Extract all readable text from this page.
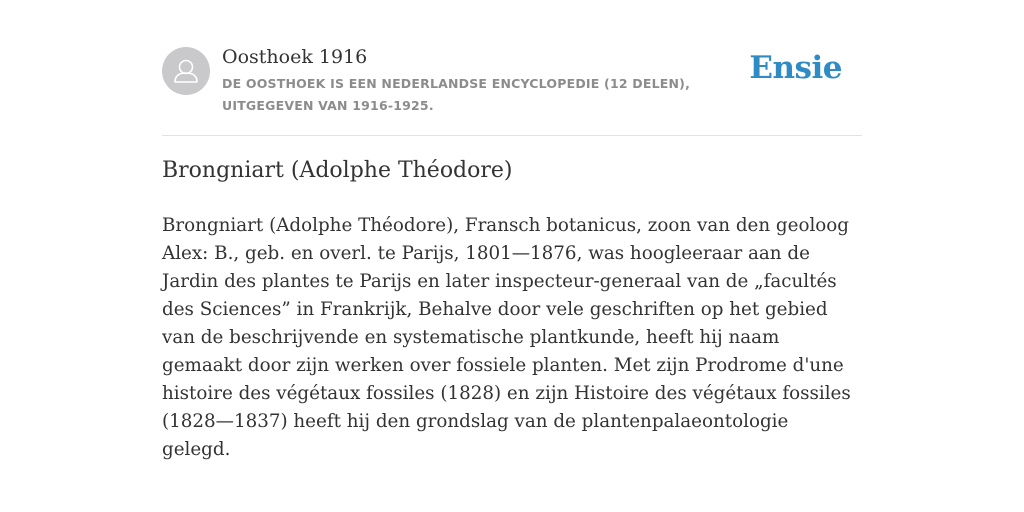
Oosthoek 1916
DE OOSTHOEK IS EEN NEDERLANDSE ENCYCLOPEDIE (12 DELEN), UITGEGEVEN VAN 1916-1925.
Ensie
Brongniart (Adolphe Théodore)

Brongniart (Adolphe Théodore), Fransch botanicus, zoon van den geoloog Alex: B., geb. en overl. te Parijs, 1801—1876, was hoogleeraar aan de Jardin des plantes te Parijs en later inspecteur-generaal van de „facultés des Sciences” in Frankrijk, Behalve door vele geschriften op het gebied van de beschrijvende en systematische plantkunde, heeft hij naam gemaakt door zijn werken over fossiele planten. Met zijn Prodrome d'une histoire des végétaux fossiles (1828) en zijn Histoire des végétaux fossiles (1828—1837) heeft hij den grondslag van de plantenpalaeontologie gelegd.
